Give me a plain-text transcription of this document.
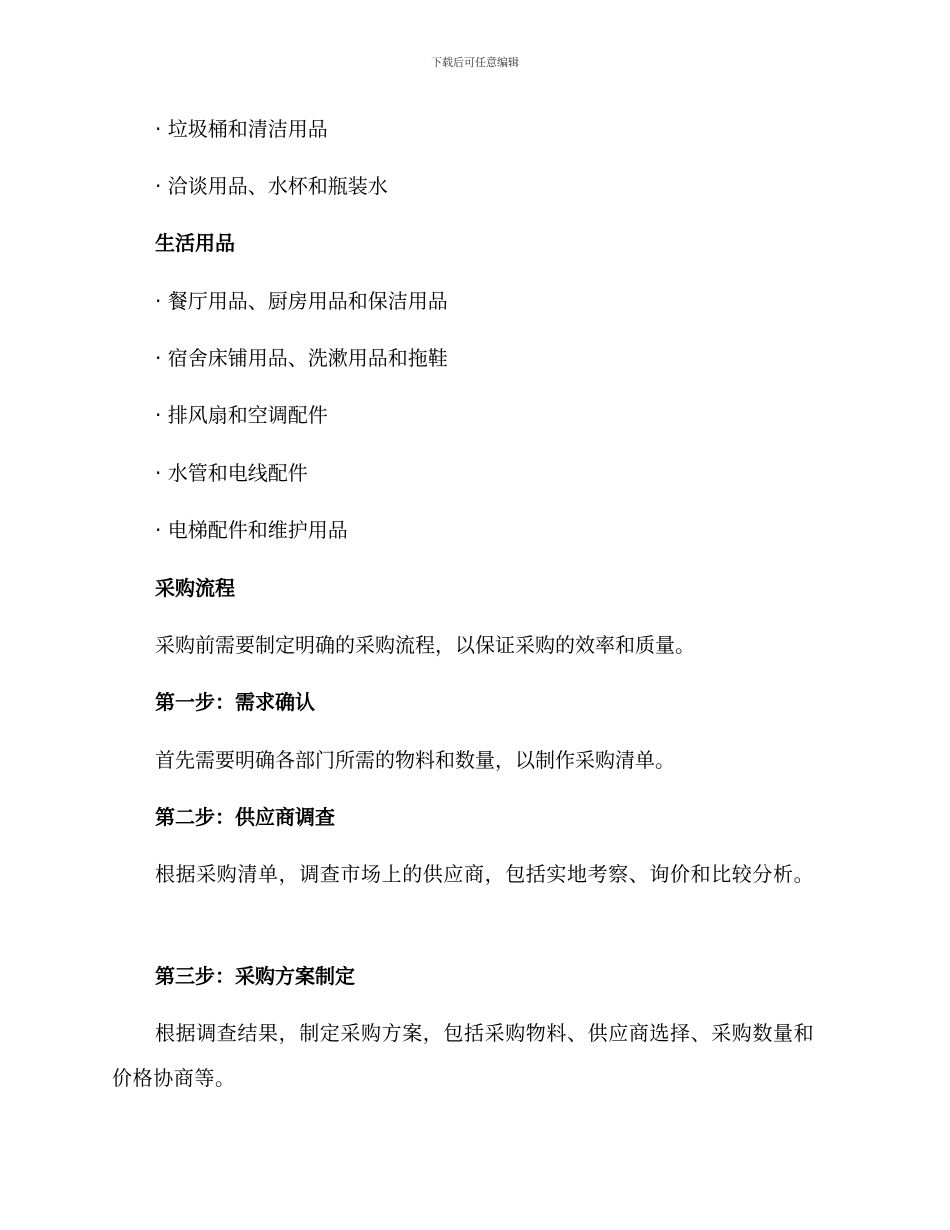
下载后可任意编辑
· 垃圾桶和清洁用品
· 洽谈用品、水杯和瓶装水
生活用品
· 餐厅用品、厨房用品和保洁用品
· 宿舍床铺用品、洗漱用品和拖鞋
· 排风扇和空调配件
· 水管和电线配件
· 电梯配件和维护用品
采购流程
采购前需要制定明确的采购流程，以保证采购的效率和质量。
第一步：需求确认
首先需要明确各部门所需的物料和数量，以制作采购清单。
第二步：供应商调查
根据采购清单，调查市场上的供应商，包括实地考察、询价和比较分析。
第三步：采购方案制定
根据调查结果，制定采购方案，包括采购物料、供应商选择、采购数量和价格协商等。
